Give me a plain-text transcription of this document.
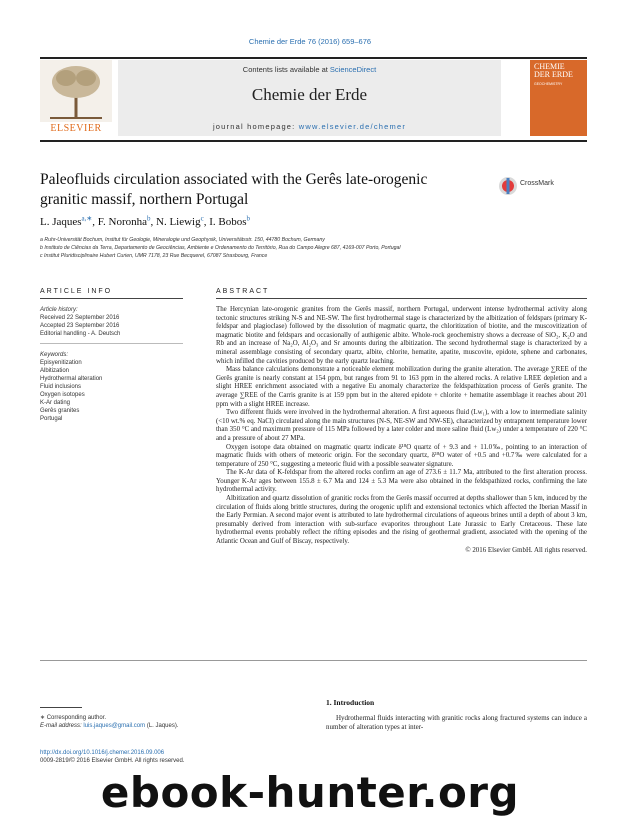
Chemie der Erde 76 (2016) 659–676
ELSEVIER
Contents lists available at ScienceDirect
Chemie der Erde
journal homepage: www.elsevier.de/chemer
CHEMIE
DER ERDE
GEOCHEMISTRY
Paleofluids circulation associated with the Gerês late-orogenic
granitic massif, northern Portugal
CrossMark
L. Jaques$^{a,∗}$, F. Noronha$^b$, N. Liewig$^c$, I. Bobos$^b$
a Ruhr-Universität Bochum, Institut für Geologie, Mineralogie und Geophysik, Universitätsstr. 150, 44780 Bochum, Germany
b Instituto de Ciências da Terra, Departamento de Geociências, Ambiente e Ordenamento do Território, Rua do Campo Alegre 687, 4169-007 Porto, Portugal
c Institut Pluridisciplinaire Hubert Curien, UMR 7178, 23 Rue Becquerel, 67087 Strasbourg, France
ARTICLE INFO	ABSTRACT
Article history:
Received 22 September 2016
Accepted 23 September 2016
Editorial handling - A. Deutsch
Keywords:
Episyenitization
Albitization
Hydrothermal alteration
Fluid inclusions
Oxygen isotopes
K-Ar dating
Gerês granites
Portugal

The Hercynian late-orogenic granites from the Gerês massif, northern Portugal, underwent intense hydrothermal activity along tectonic structures striking N-S and NE-SW. The first hydrothermal stage is characterized by the albitization of feldspars (primary K-feldspar and plagioclase) followed by the dissolution of magmatic quartz, the chloritization of biotite, and the muscovitization of magmatic biotite and feldspars and occasionally of authigenic albite. Whole-rock geochemistry shows a decrease of SiO₂, K₂O and Rb and an increase of Na₂O, Al₂O₃ and Sr amounts during the albitization. The second hydrothermal stage is characterized by a mineral assemblage consisting of secondary quartz, albite, chlorite, hematite, apatite, muscovite, epidote, sphene and carbonates, which infilled the cavities produced by the early quartz leaching.

Mass balance calculations demonstrate a noticeable element mobilization during the granite alteration. The average ∑REE of the Gerês granite is nearly constant at 154 ppm, but ranges from 91 to 163 ppm in the altered rocks. A relative LREE depletion and a slight HREE enrichment associated with a negative Eu anomaly characterize the feldspathization process of Gerês granite. The average ∑REE of the Carris granite is at 159 ppm but in the altered epidote + chlorite + hematite assemblage it reaches about 201 ppm with a slight HREE increase.

Two different fluids were involved in the hydrothermal alteration. A first aqueous fluid (Lw₁), with a low to intermediate salinity (<10 wt.% eq. NaCl) circulated along the main structures (N-S, NE-SW and NW-SE), characterized by entrapment temperature lower than 350 °C and maximum pressure of 115 MPa followed by a later colder and more saline fluid (Lw₂) under a temperature of 220 °C and a pressure of about 27 MPa.

Oxygen isotope data obtained on magmatic quartz indicate δ¹⁸O quartz of + 9.3 and + 11.0‰, pointing to an interaction of magmatic fluids with others of meteoric origin. For the secondary quartz, δ¹⁸O water of +0.5 and +0.7‰ were calculated for a temperature of 250 °C, suggesting a meteoric fluid with a possible seawater signature.

The K-Ar data of K-feldspar from the altered rocks confirm an age of 273.6 ± 11.7 Ma, attributed to the first alteration process. Younger K-Ar ages between 155.8 ± 6.7 Ma and 124 ± 5.3 Ma were also obtained in the feldspathized rocks, confirming the late hydrothermal activity.

Albitization and quartz dissolution of granitic rocks from the Gerês massif occurred at depths shallower than 5 km, induced by the circulation of fluids along brittle structures, during the orogenic uplift and extensional tectonics which affected the Iberian Massif in the Early Permian. A second major event is attributed to late hydrothermal circulations of aqueous brines until a depth of about 3 km, presumably derived from interaction with sub-surface evaporites throughout Late Jurassic to Early Cretaceous. These late hydrothermal events probably reflect the rifting episodes and the rising of geothermal gradient, associated with the opening of the Atlantic Ocean and Gulf of Biscay, respectively.

© 2016 Elsevier GmbH. All rights reserved.

1. Introduction
Hydrothermal fluids interacting with granitic rocks along fractured systems can induce a number of alteration types at inter-
∗ Corresponding author.
E-mail address: luis.jaques@gmail.com (L. Jaques).
http://dx.doi.org/10.1016/j.chemer.2016.09.006
0009-2819/© 2016 Elsevier GmbH. All rights reserved.
ebook-hunter.org
